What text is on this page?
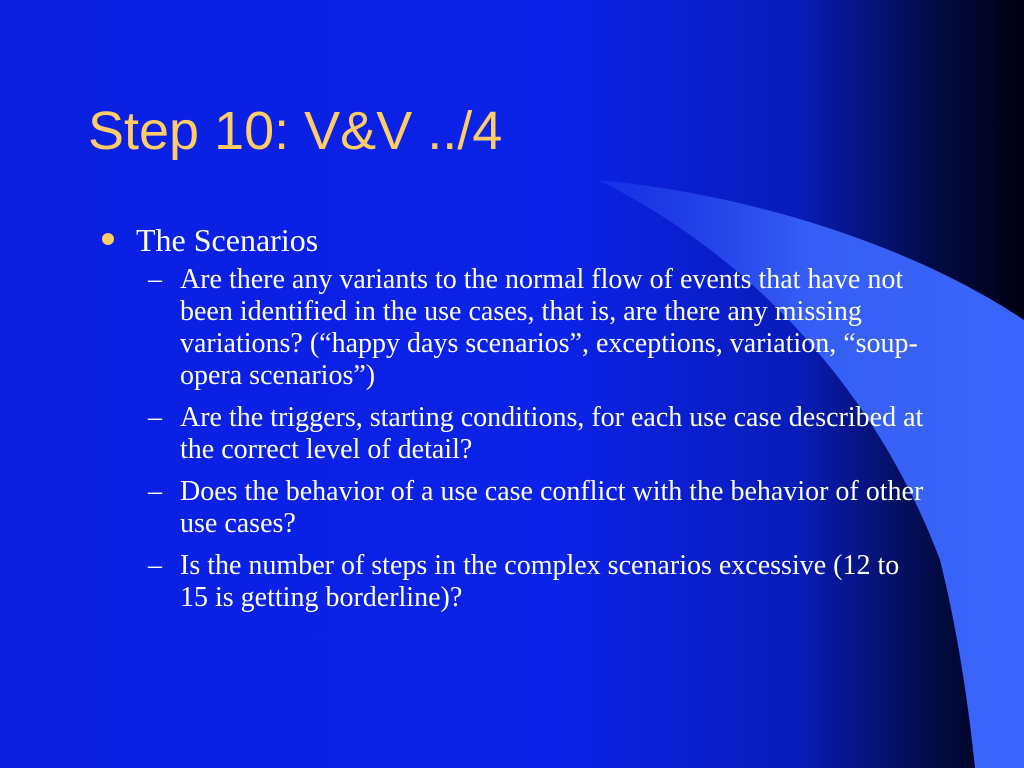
Step 10: V&V ../4
The Scenarios
– Are there any variants to the normal flow of events that have not been identified in the use cases, that is, are there any missing variations? (“happy days scenarios”, exceptions, variation, “soup-opera scenarios”)
– Are the triggers, starting conditions, for each use case described at the correct level of detail?
– Does the behavior of a use case conflict with the behavior of other use cases?
– Is the number of steps in the complex scenarios excessive (12 to 15 is getting borderline)?
